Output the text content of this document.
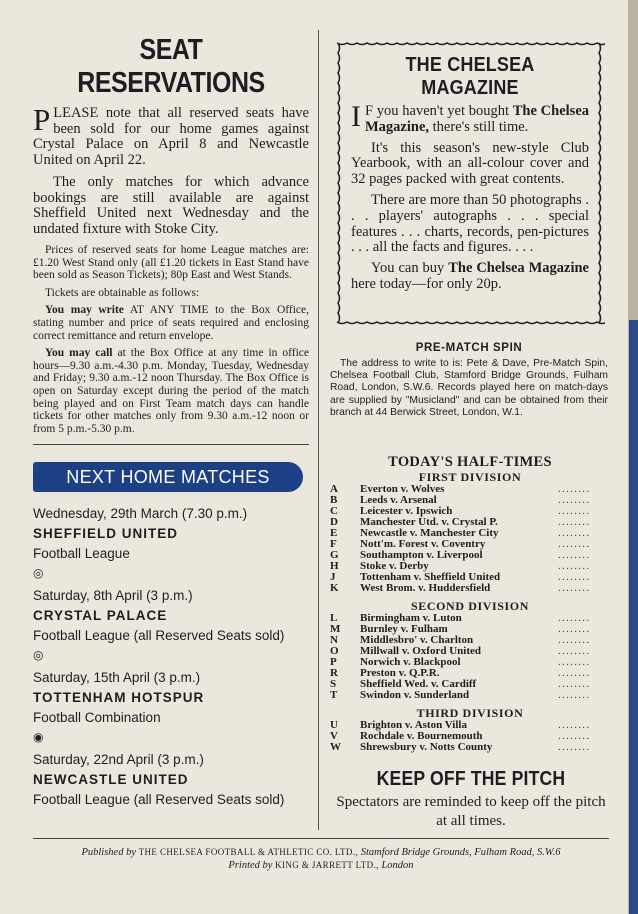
SEAT RESERVATIONS

PLEASE note that all reserved seats have been sold for our home games against Crystal Palace on April 8 and Newcastle United on April 22.

The only matches for which advance bookings are still available are against Sheffield United next Wednesday and the undated fixture with Stoke City.

Prices of reserved seats for home League matches are: £1.20 West Stand only (all £1.20 tickets in East Stand have been sold as Season Tickets); 80p East and West Stands.

Tickets are obtainable as follows:

You may write AT ANY TIME to the Box Office, stating number and price of seats required and enclosing correct remittance and return envelope.

You may call at the Box Office at any time in office hours—9.30 a.m.-4.30 p.m. Monday, Tuesday, Wednesday and Friday; 9.30 a.m.-12 noon Thursday. The Box Office is open on Saturday except during the period of the match being played and on First Team match days can handle tickets for other matches only from 9.30 a.m.-12 noon or from 5 p.m.-5.30 p.m.

NEXT HOME MATCHES
Wednesday, 29th March (7.30 p.m.)
SHEFFIELD UNITED
Football League
◎
Saturday, 8th April (3 p.m.)
CRYSTAL PALACE
Football League (all Reserved Seats sold)
◎
Saturday, 15th April (3 p.m.)
TOTTENHAM HOTSPUR
Football Combination
◉
Saturday, 22nd April (3 p.m.)
NEWCASTLE UNITED
Football League (all Reserved Seats sold)
THE CHELSEA MAGAZINE

I F you haven't yet bought The Chelsea Magazine, there's still time.

It's this season's new-style Club Yearbook, with an all-colour cover and 32 pages packed with great contents.

There are more than 50 photographs . . . players' autographs . . . special features . . . charts, records, pen-pictures . . . all the facts and figures. . . .

You can buy The Chelsea Magazine here today—for only 20p.

PRE-MATCH SPIN

The address to write to is: Pete & Dave, Pre-Match Spin, Chelsea Football Club, Stamford Bridge Grounds, Fulham Road, London, S.W.6. Records played here on match-days are supplied by "Musicland" and can be obtained from their branch at 44 Berwick Street, London, W.1.

TODAY'S HALF-TIMES
FIRST DIVISION
A	Everton v. Wolves	........
B	Leeds v. Arsenal	........
C	Leicester v. Ipswich	........
D	Manchester Utd. v. Crystal P.	........
E	Newcastle v. Manchester City	........
F	Nott'm. Forest v. Coventry	........
G	Southampton v. Liverpool	........
H	Stoke v. Derby	........
J	Tottenham v. Sheffield United	........
K	West Brom. v. Huddersfield	........
SECOND DIVISION
L	Birmingham v. Luton	........
M	Burnley v. Fulham	........
N	Middlesbro' v. Charlton	........
O	Millwall v. Oxford United	........
P	Norwich v. Blackpool	........
R	Preston v. Q.P.R.	........
S	Sheffield Wed. v. Cardiff	........
T	Swindon v. Sunderland	........
THIRD DIVISION
U	Brighton v. Aston Villa	........
V	Rochdale v. Bournemouth	........
W Shrewsbury v. Notts County	........
KEEP OFF THE PITCH

Spectators are reminded to keep off the pitch at all times.

Published by THE CHELSEA FOOTBALL & ATHLETIC CO. LTD., Stamford Bridge Grounds, Fulham Road, S.W.6
Printed by KING & JARRETT LTD., London
